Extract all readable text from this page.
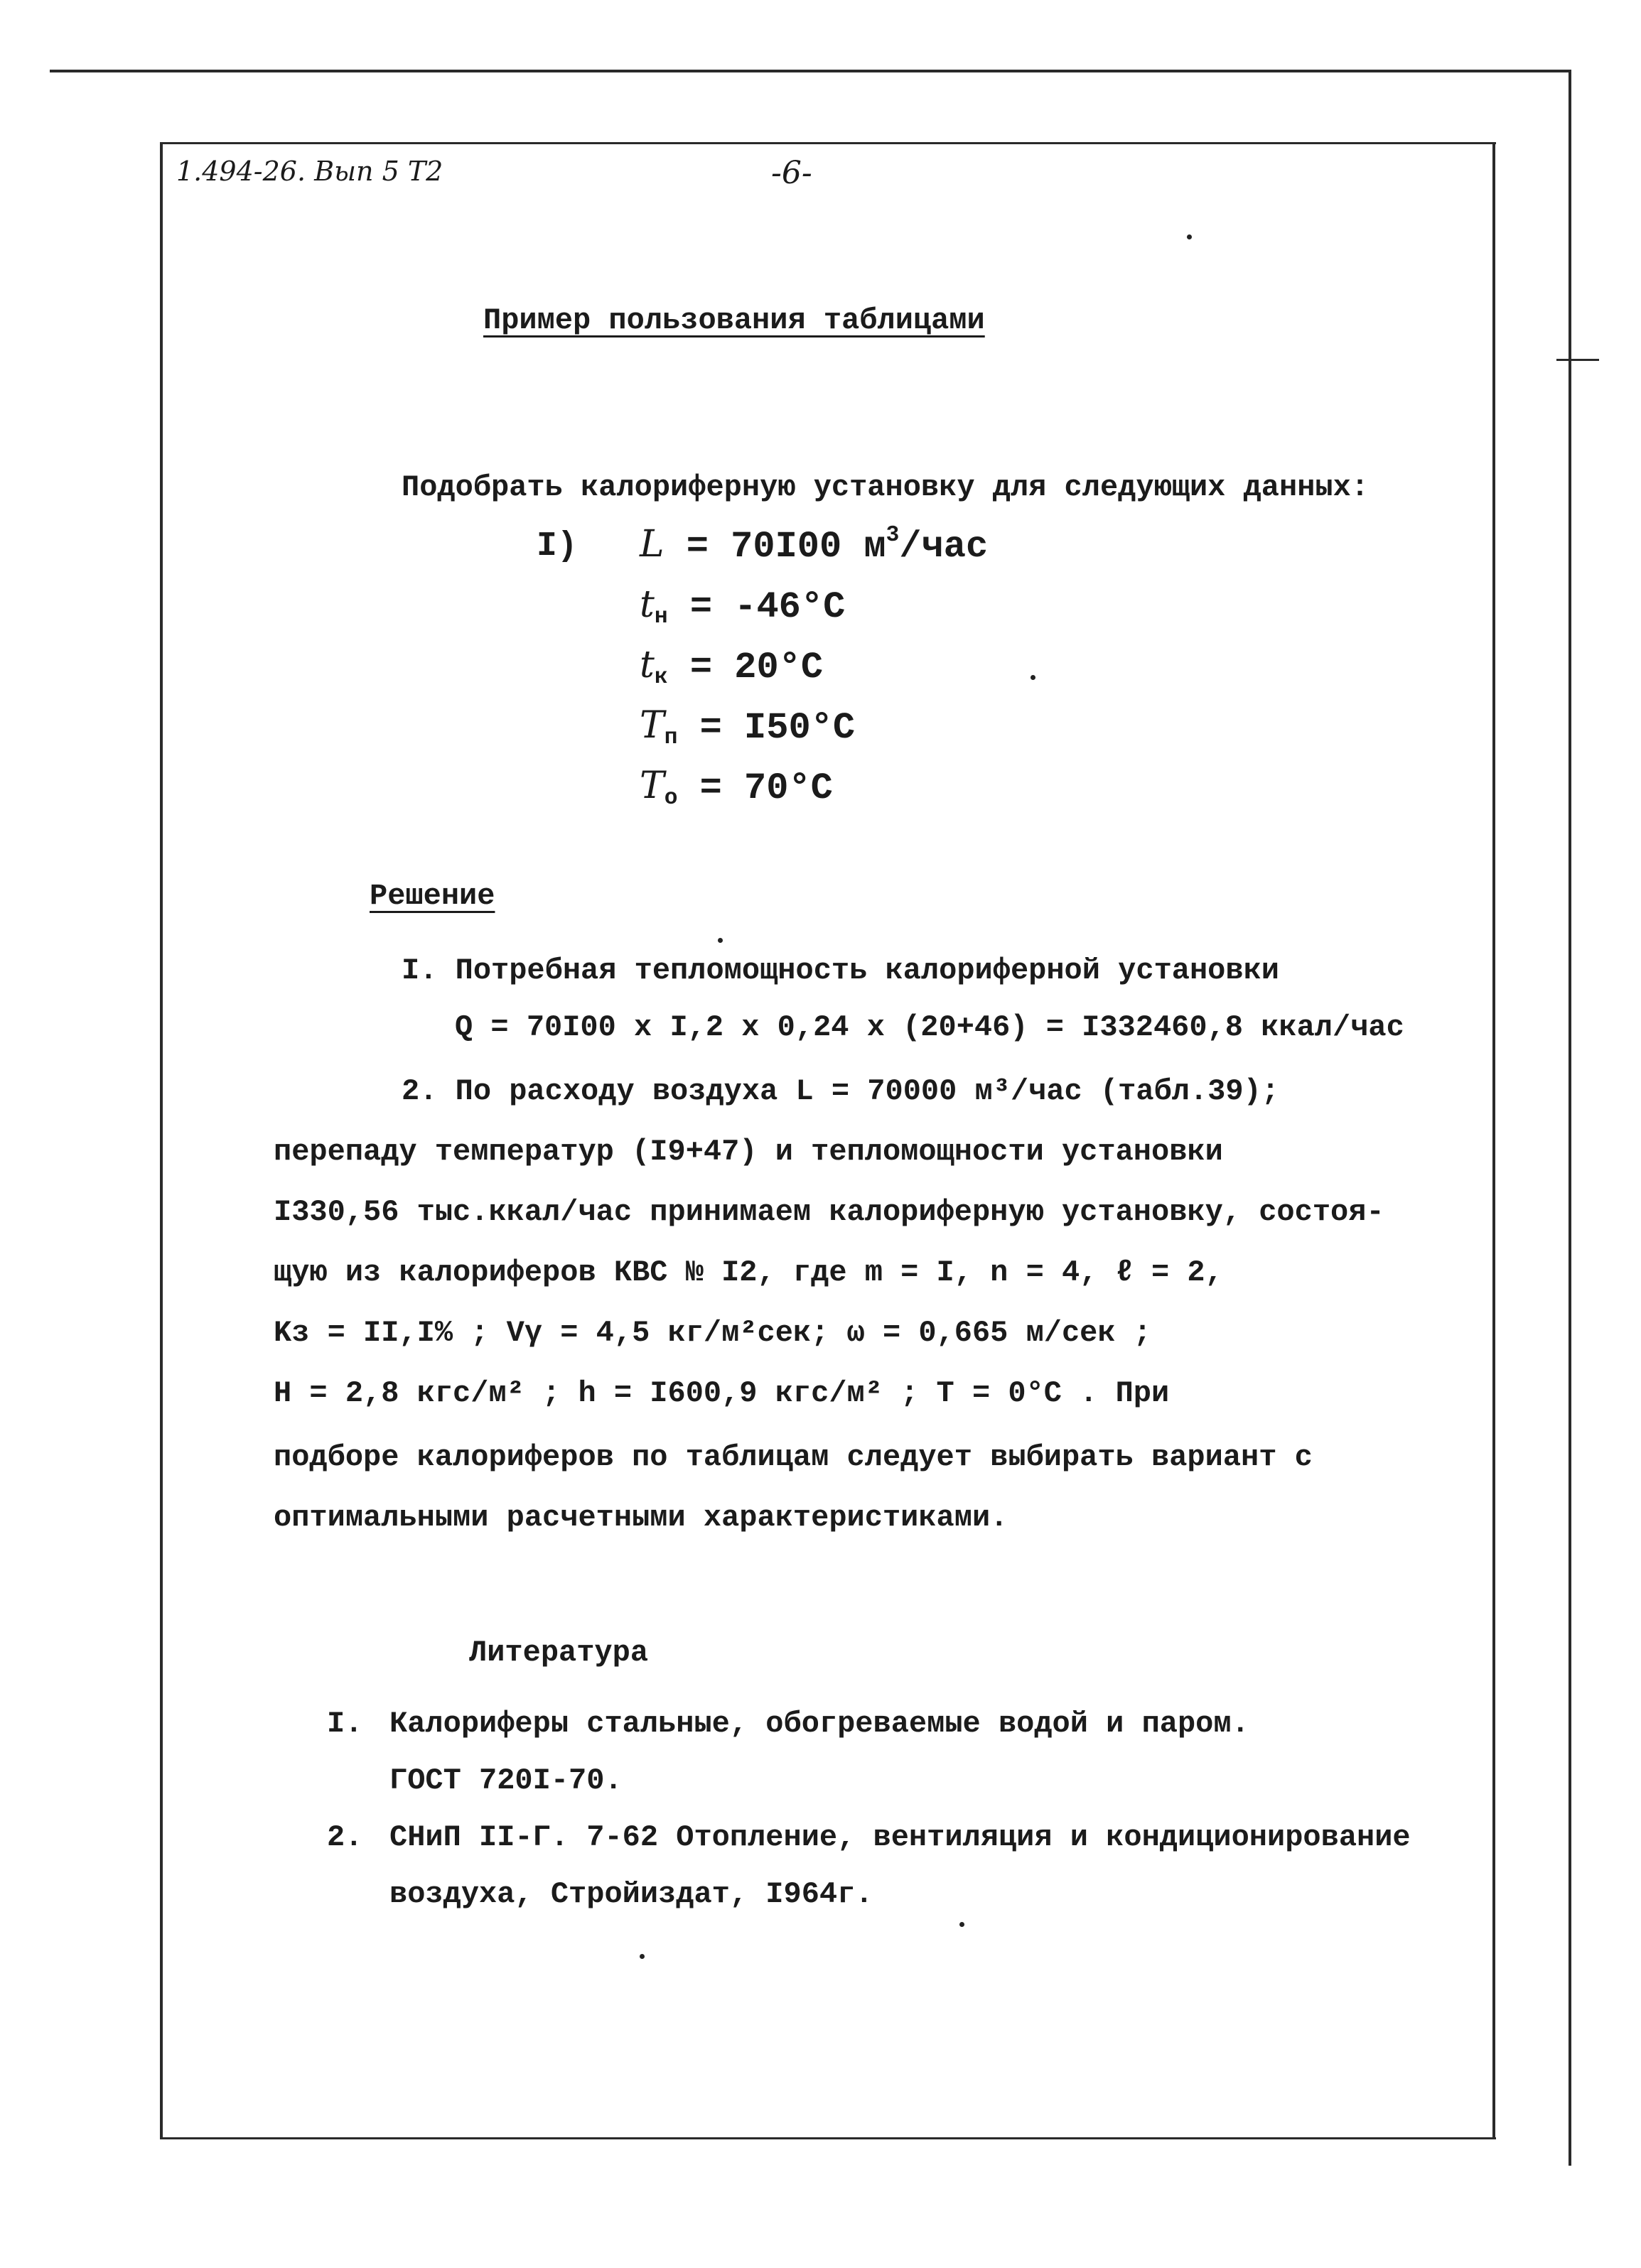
1.494-26. Вып 5 Т2	-6-
Пример пользования таблицами
Подобрать калориферную установку для следующих данных:
I) L = 70I00 $м^3$/час
$t_н = -46^\circ C$
$t_к = 20^\circ C$
$T_п = I50^\circ C$
$T_о = 70^\circ C$
Решение
I. Потребная тепломощность калориферной установки
Q = 70I00 x I,2 x 0,24 x (20+46) = I332460,8 ккал/час
2. По расходу воздуха L = 70000 м³/час (табл.39);
перепаду температур (I9+47) и тепломощности установки
I330,56 тыс.ккал/час принимаем калориферную установку, состоя-
щую из калориферов КВС № I2, где m = I, n = 4, ℓ = 2,
Kз = II,I% ; Vγ = 4,5 кг/м²сек; ω = 0,665 м/сек ;
H = 2,8 кгс/м² ; h = I600,9 кгс/м² ; T = 0°C . При
подборе калориферов по таблицам следует выбирать вариант с
оптимальными расчетными характеристиками.
Литература
I. Калориферы стальные, обогреваемые водой и паром.
ГОСТ 720I-70.
2. СНиП II-Г. 7-62 Отопление, вентиляция и кондиционирование
воздуха, Стройиздат, I964г.
